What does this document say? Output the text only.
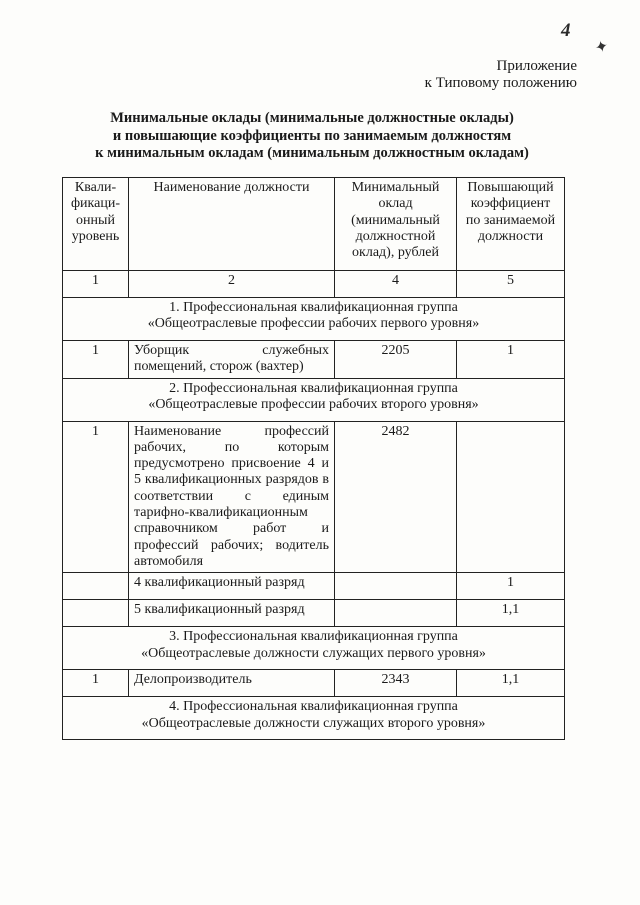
4
✦
Приложение
к Типовому положению
Минимальные оклады (минимальные должностные оклады)
и повышающие коэффициенты по занимаемым должностям
к минимальным окладам (минимальным должностным окладам)
Квали-фикаци-онный уровень	Наименование должности	Минимальный оклад (минимальный должностной оклад), рублей	Повышающий коэффициент по занимаемой должности
1	2	4	5

1. Профессиональная квалификационная группа
«Общеотраслевые профессии рабочих первого уровня»			

1	Уборщик служебных помещений, сторож (вахтер)	2205	1

2. Профессиональная квалификационная группа
«Общеотраслевые профессии рабочих второго уровня»			

1	Наименование профессий рабочих, по которым предусмотрено присвоение 4 и 5 квалификационных разрядов в соответствии с единым тарифно-квалификационным справочником работ и профессий рабочих; водитель автомобиля	2482	
	4 квалификационный разряд		1
	5 квалификационный разряд		1,1

3. Профессиональная квалификационная группа
«Общеотраслевые должности служащих первого уровня»			

1	Делопроизводитель	2343	1,1

4. Профессиональная квалификационная группа
«Общеотраслевые должности служащих второго уровня»			
